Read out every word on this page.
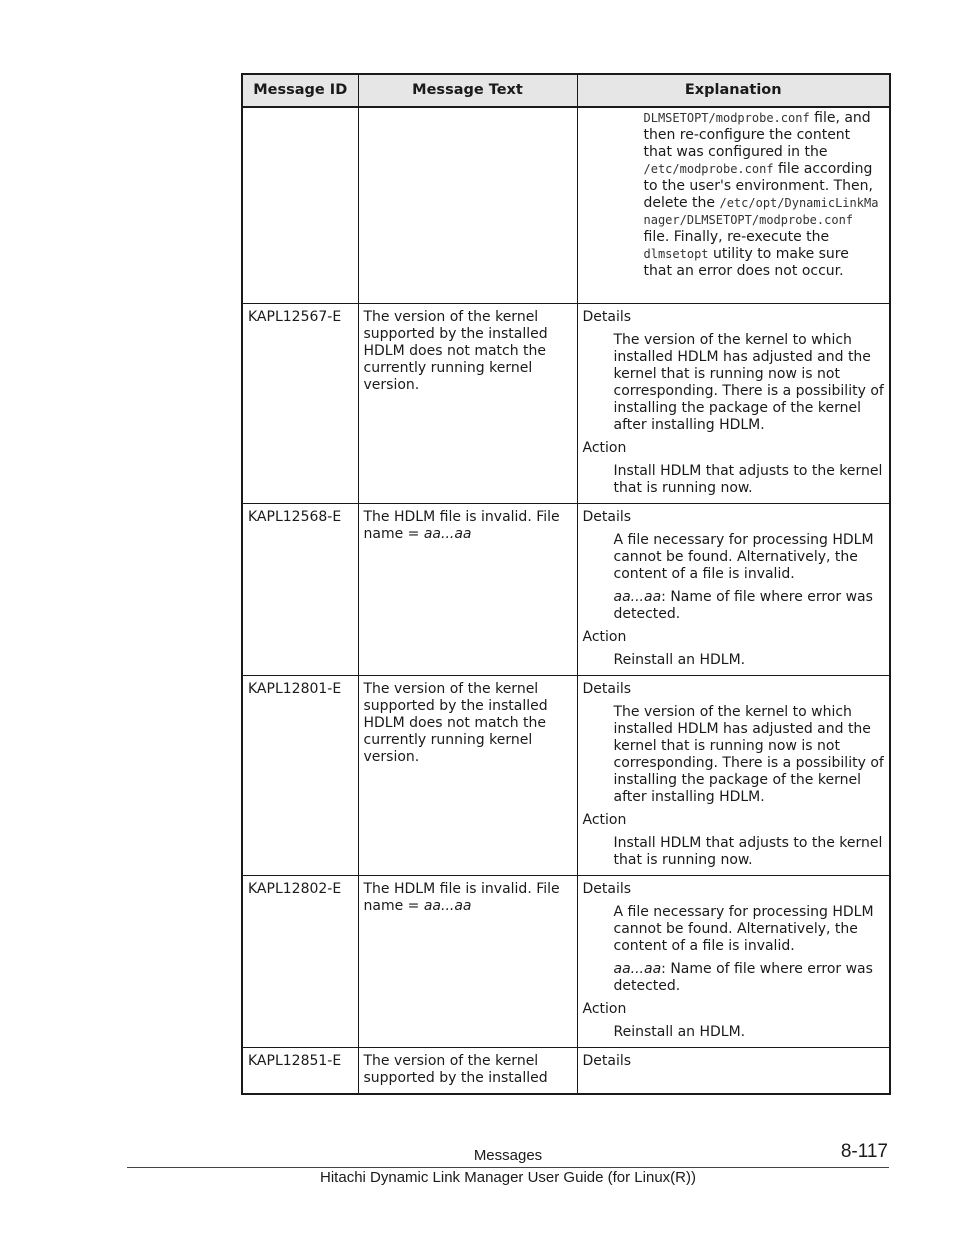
Message ID	Message Text	Explanation

		DLMSETOPT/modprobe.conf file, and then re-configure the content that was configured in the /etc/modprobe.conf file according to the user's environment. Then, delete the /etc/opt/DynamicLinkManager/DLMSETOPT/modprobe.conf file. Finally, re-execute the dlmsetopt utility to make sure that an error does not occur.

KAPL12567-E	The version of the kernel supported by the installed HDLM does not match the currently running kernel version.	Details

The version of the kernel to which installed HDLM has adjusted and the kernel that is running now is not corresponding. There is a possibility of installing the package of the kernel after installing HDLM.

Action

Install HDLM that adjusts to the kernel that is running now.

KAPL12568-E	The HDLM file is invalid. File name = aa...aa	Details

A file necessary for processing HDLM cannot be found. Alternatively, the content of a file is invalid.

aa...aa: Name of file where error was detected.

Action

Reinstall an HDLM.

KAPL12801-E	The version of the kernel supported by the installed HDLM does not match the currently running kernel version.	Details

The version of the kernel to which installed HDLM has adjusted and the kernel that is running now is not corresponding. There is a possibility of installing the package of the kernel after installing HDLM.

Action

Install HDLM that adjusts to the kernel that is running now.

KAPL12802-E	The HDLM file is invalid. File name = aa...aa	Details

A file necessary for processing HDLM cannot be found. Alternatively, the content of a file is invalid.

aa...aa: Name of file where error was detected.

Action

Reinstall an HDLM.

KAPL12851-E	The version of the kernel supported by the installed	Details

Messages	8-117
Hitachi Dynamic Link Manager User Guide (for Linux(R))
